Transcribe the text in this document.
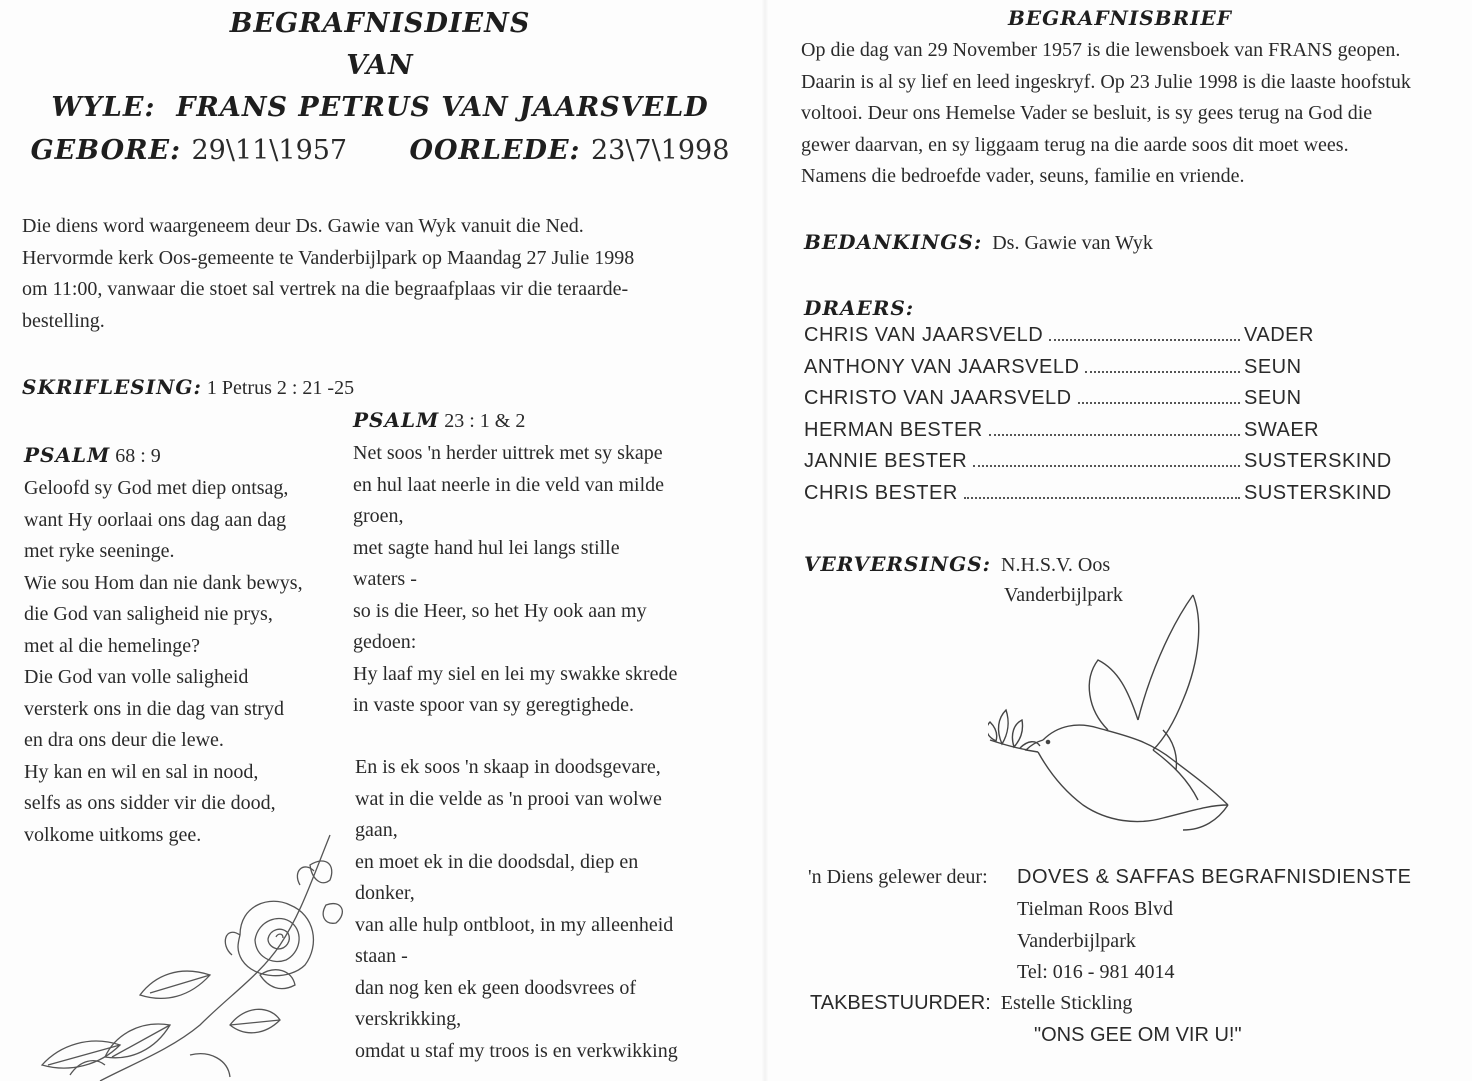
BEGRAFNISDIENS
VAN
WYLE: FRANS PETRUS VAN JAARSVELD
GEBORE: 29\11\1957 OORLEDE: 23\7\1998
Die diens word waargeneem deur Ds. Gawie van Wyk vanuit die Ned.
Hervormde kerk Oos-gemeente te Vanderbijlpark op Maandag 27 Julie 1998
om 11:00, vanwaar die stoet sal vertrek na die begraafplaas vir die teraarde-
bestelling.
SKRIFLESING: 1 Petrus 2 : 21 -25
PSALM 68 : 9
Geloofd sy God met diep ontsag,
want Hy oorlaai ons dag aan dag
met ryke seeninge.
Wie sou Hom dan nie dank bewys,
die God van saligheid nie prys,
met al die hemelinge?
Die God van volle saligheid
versterk ons in die dag van stryd
en dra ons deur die lewe.
Hy kan en wil en sal in nood,
selfs as ons sidder vir die dood,
volkome uitkoms gee.
PSALM 23 : 1 & 2
Net soos 'n herder uittrek met sy skape
en hul laat neerle in die veld van milde
groen,
met sagte hand hul lei langs stille
waters -
so is die Heer, so het Hy ook aan my
gedoen:
Hy laaf my siel en lei my swakke skrede
in vaste spoor van sy geregtighede.
En is ek soos 'n skaap in doodsgevare,
wat in die velde as 'n prooi van wolwe
gaan,
en moet ek in die doodsdal, diep en
donker,
van alle hulp ontbloot, in my alleenheid
staan -
dan nog ken ek geen doodsvrees of
verskrikking,
omdat u staf my troos is en verkwikking
BEGRAFNISBRIEF
Op die dag van 29 November 1957 is die lewensboek van FRANS geopen.
Daarin is al sy lief en leed ingeskryf. Op 23 Julie 1998 is die laaste hoofstuk
voltooi. Deur ons Hemelse Vader se besluit, is sy gees terug na God die
gewer daarvan, en sy liggaam terug na die aarde soos dit moet wees.
Namens die bedroefde vader, seuns, familie en vriende.
BEDANKINGS: Ds. Gawie van Wyk
DRAERS:
CHRIS VAN JAARSVELD	VADER
ANTHONY VAN JAARSVELD	SEUN
CHRISTO VAN JAARSVELD	SEUN
HERMAN BESTER	SWAER
JANNIE BESTER	SUSTERSKIND
CHRIS BESTER	SUSTERSKIND
VERVERSINGS: N.H.S.V. Oos
Vanderbijlpark
'n Diens gelewer deur: DOVES & SAFFAS BEGRAFNISDIENSTE
Tielman Roos Blvd
Vanderbijlpark
Tel: 016 - 981 4014
TAKBESTUURDER: Estelle Stickling
"ONS GEE OM VIR U!"
